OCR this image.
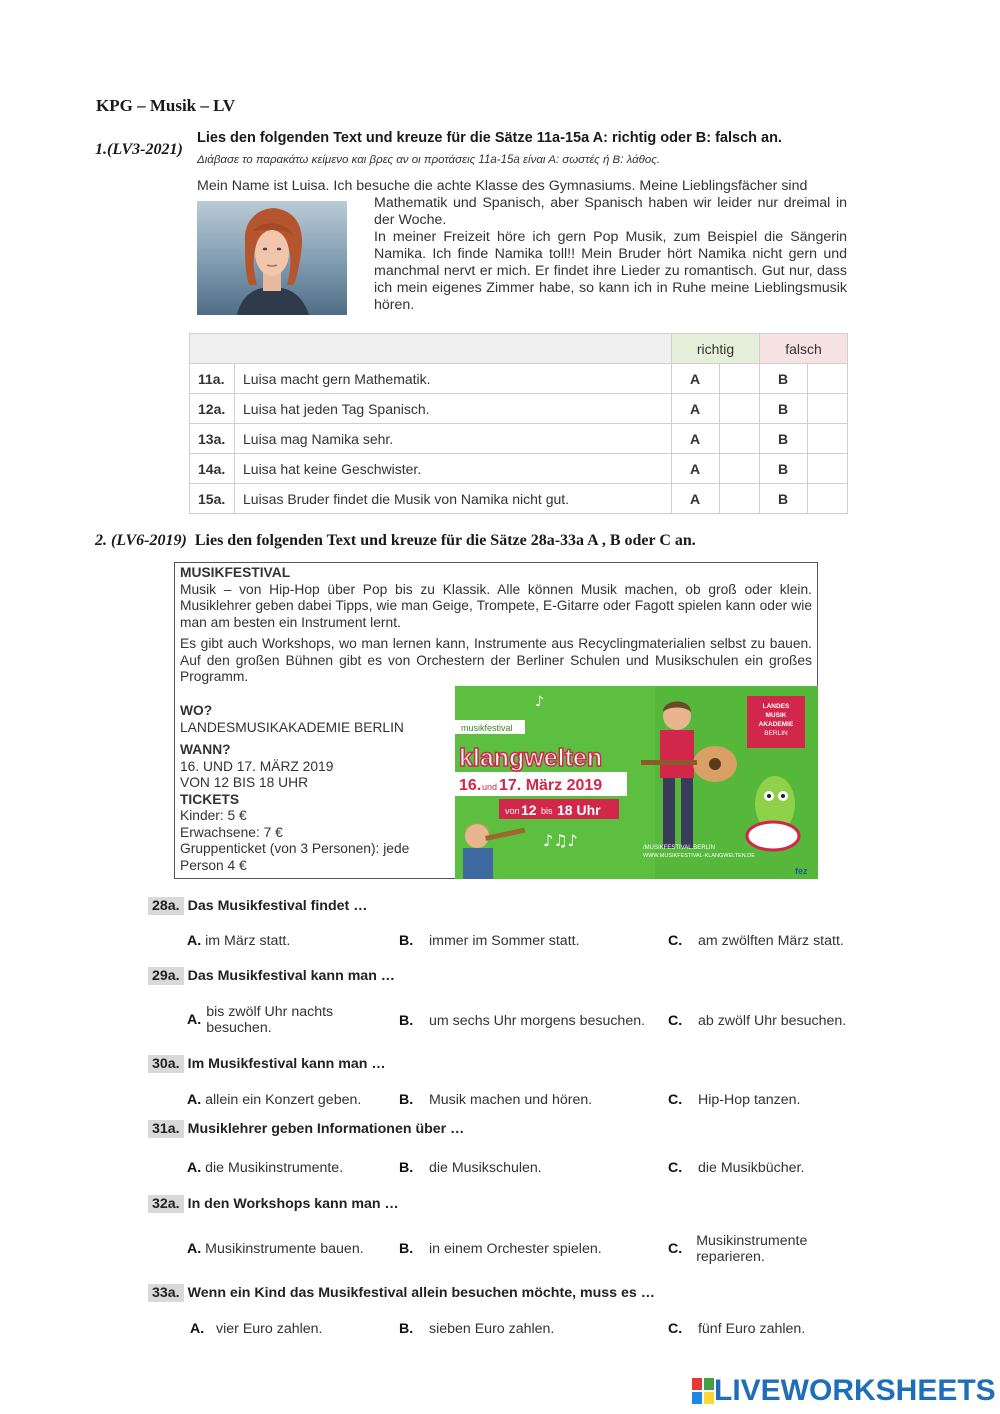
KPG – Musik – LV
1.(LV3-2021)
Lies den folgenden Text und kreuze für die Sätze 11a-15a A: richtig oder B: falsch an.
Διάβασε το παρακάτω κείμενο και βρες αν οι προτάσεις 11a-15a είναι Α: σωστές ή Β: λάθος.
Mein Name ist Luisa. Ich besuche die achte Klasse des Gymnasiums. Meine Lieblingsfächer sind

Mathematik und Spanisch, aber Spanisch haben wir leider nur dreimal in der Woche.

In meiner Freizeit höre ich gern Pop Musik, zum Beispiel die Sängerin Namika. Ich finde Namika toll!! Mein Bruder hört Namika nicht gern und manchmal nervt er mich. Er findet ihre Lieder zu romantisch. Gut nur, dass ich mein eigenes Zimmer habe, so kann ich in Ruhe meine Lieblingsmusik hören.

		richtig		falsch	
11a.	Luisa macht gern Mathematik.	A		B	
12a.	Luisa hat jeden Tag Spanisch.	A		B	
13a.	Luisa mag Namika sehr.	A		B	
14a.	Luisa hat keine Geschwister.	A		B	
15a.	Luisas Bruder findet die Musik von Namika nicht gut.	A		B	
2. (LV6-2019) Lies den folgenden Text und kreuze für die Sätze 28a-33a A , B oder C an.
MUSIKFESTIVAL

Musik – von Hip-Hop über Pop bis zu Klassik. Alle können Musik machen, ob groß oder klein. Musiklehrer geben dabei Tipps, wie man Geige, Trompete, E-Gitarre oder Fagott spielen kann oder wie man am besten ein Instrument lernt.

Es gibt auch Workshops, wo man lernen kann, Instrumente aus Recyclingmaterialien selbst zu bauen. Auf den großen Bühnen gibt es von Orchestern der Berliner Schulen und Musikschulen ein großes Programm.

WO?
LANDESMUSIKAKADEMIE BERLIN
WANN?
16. UND 17. MÄRZ 2019
VON 12 BIS 18 UHR
TICKETS
Kinder: 5 €
Erwachsene: 7 €
Gruppenticket (von 3 Personen): jede
Person 4 €
LANDES
MUSIK
AKADEMIE
BERLIN
musikfestival
klangwelten
16. und 17. März 2019
von 12 bis 18 Uhr
♪♫♪
♪
/MUSIKFESTIVAL.BERLIN
WWW.MUSIKFESTIVAL-KLANGWELTEN.DE
fez
28a. Das Musikfestival findet …
A. im März statt.	B. immer im Sommer statt.	C. am zwölften März statt.
29a. Das Musikfestival kann man …
A. bis zwölf Uhr nachts
besuchen.	B. um sechs Uhr morgens besuchen. C. ab zwölf Uhr besuchen.
30a. Im Musikfestival kann man …
A. allein ein Konzert geben.	B. Musik machen und hören.	C. Hip-Hop tanzen.
31a. Musiklehrer geben Informationen über …
A. die Musikinstrumente.	B. die Musikschulen.	C. die Musikbücher.
32a. In den Workshops kann man …
A. Musikinstrumente bauen. B. in einem Orchester spielen.	C. Musikinstrumente
reparieren.
33a. Wenn ein Kind das Musikfestival allein besuchen möchte, muss es …
A. vier Euro zahlen.	B. sieben Euro zahlen.	C. fünf Euro zahlen.
LIVEWORKSHEETS
